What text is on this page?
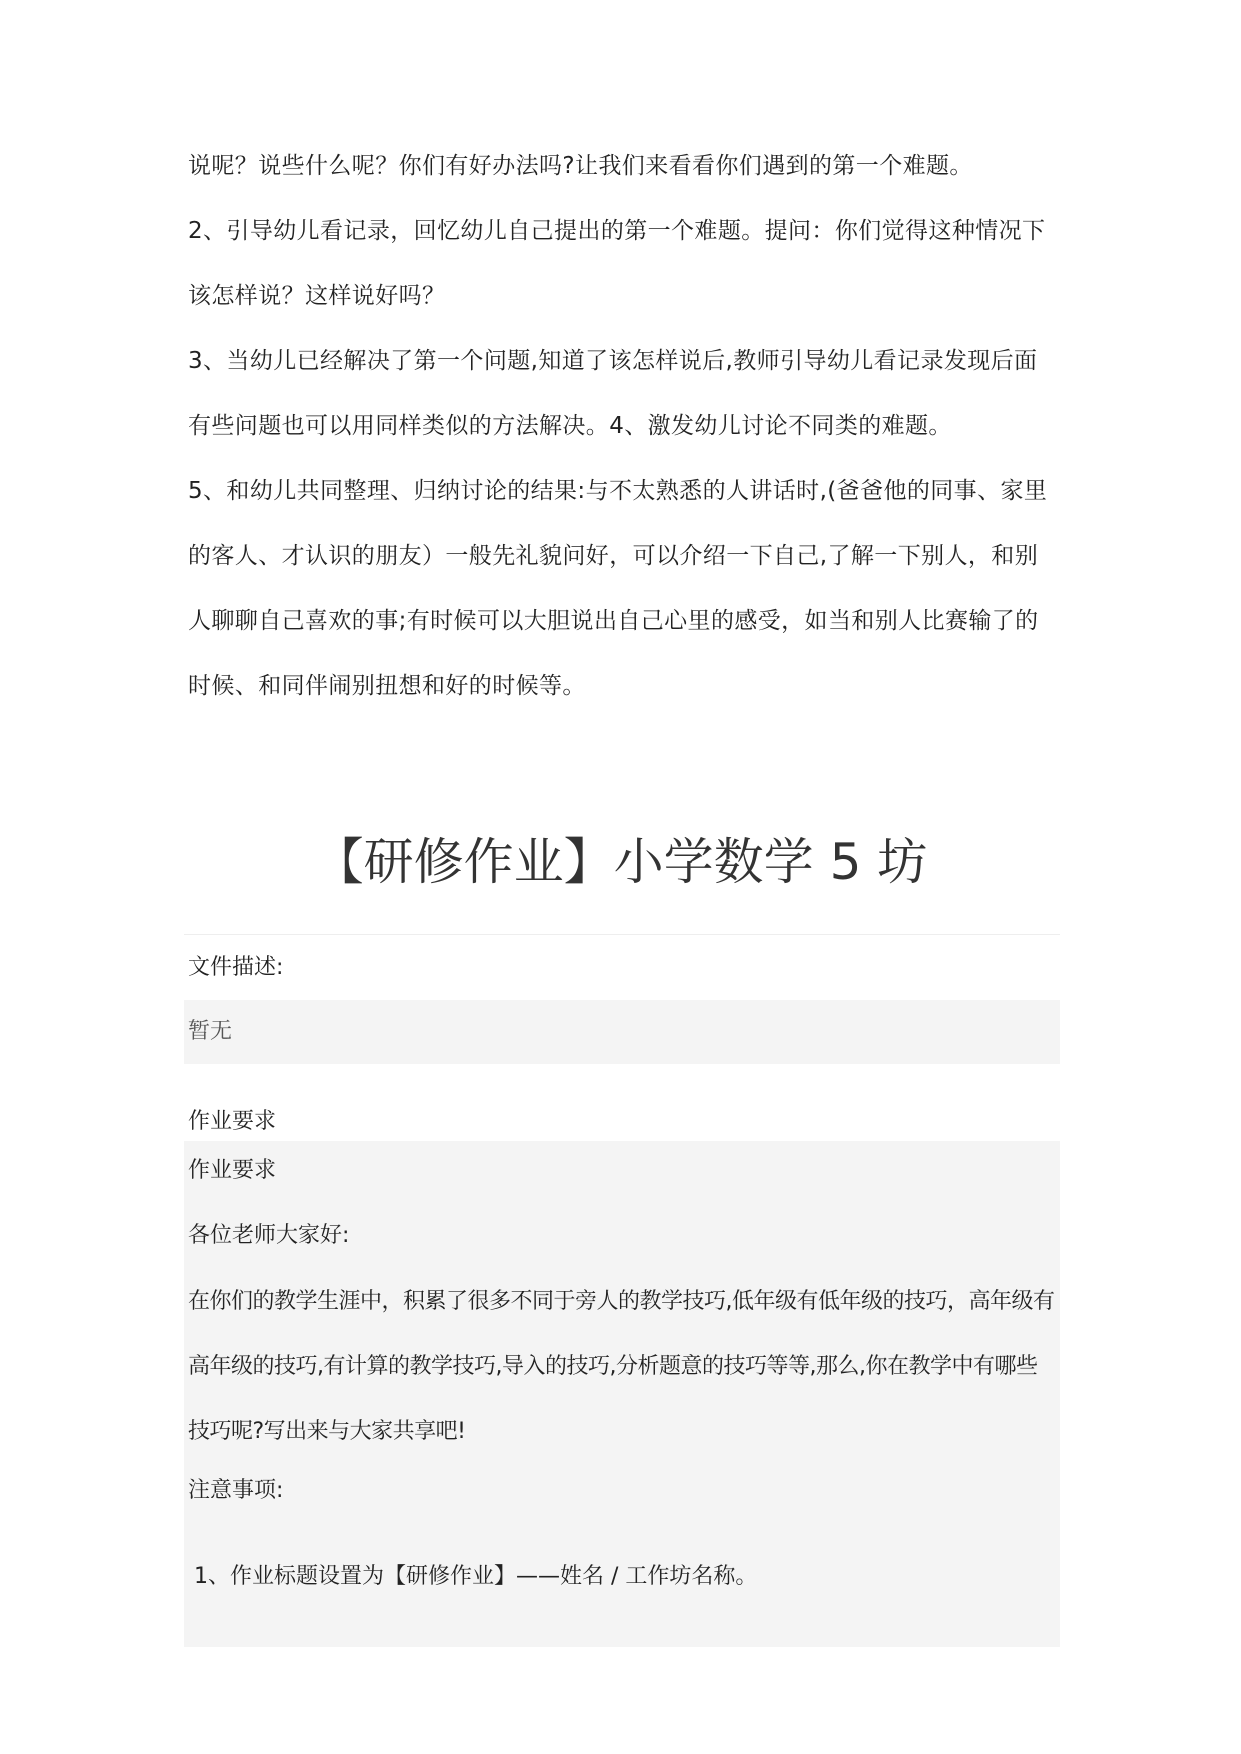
说呢？说些什么呢？你们有好办法吗?让我们来看看你们遇到的第一个难题。

2、引导幼儿看记录，回忆幼儿自己提出的第一个难题。提问：你们觉得这种情况下该怎样说？这样说好吗？

3、当幼儿已经解决了第一个问题,知道了该怎样说后,教师引导幼儿看记录发现后面有些问题也可以用同样类似的方法解决。4、激发幼儿讨论不同类的难题。

5、和幼儿共同整理、归纳讨论的结果:与不太熟悉的人讲话时,(爸爸他的同事、家里的客人、才认识的朋友）一般先礼貌问好，可以介绍一下自己,了解一下别人，和别人聊聊自己喜欢的事;有时候可以大胆说出自己心里的感受，如当和别人比赛输了的时候、和同伴闹别扭想和好的时候等。

【研修作业】小学数学 5 坊
文件描述:
暂无
作业要求
作业要求
各位老师大家好:
在你们的教学生涯中，积累了很多不同于旁人的教学技巧,低年级有低年级的技巧，高年级有高年级的技巧,有计算的教学技巧,导入的技巧,分析题意的技巧等等,那么,你在教学中有哪些技巧呢?写出来与大家共享吧!
注意事项:
1、作业标题设置为【研修作业】——姓名 / 工作坊名称。
